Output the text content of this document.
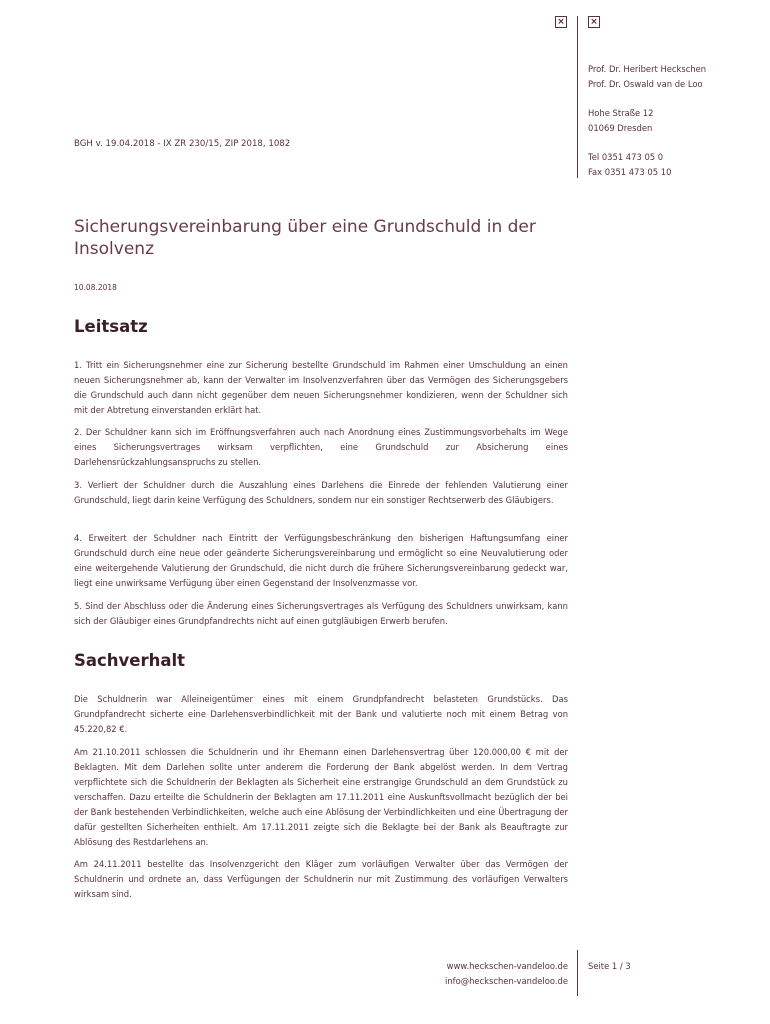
×	×
Prof. Dr. Heribert Heckschen
Prof. Dr. Oswald van de Loo
Hohe Straße 12
01069 Dresden
Tel 0351 473 05 0
Fax 0351 473 05 10
BGH v. 19.04.2018 - IX ZR 230/15, ZIP 2018, 1082
Sicherungsvereinbarung über eine Grundschuld in der Insolvenz
10.08.2018
Leitsatz

1. Tritt ein Sicherungsnehmer eine zur Sicherung bestellte Grundschuld im Rahmen einer Umschuldung an einen neuen Sicherungsnehmer ab, kann der Verwalter im Insolvenzverfahren über das Vermögen des Sicherungsgebers die Grundschuld auch dann nicht gegenüber dem neuen Sicherungsnehmer kondizieren, wenn der Schuldner sich mit der Abtretung einverstanden erklärt hat.

2. Der Schuldner kann sich im Eröffnungsverfahren auch nach Anordnung eines Zustimmungsvorbehalts im Wege eines Sicherungsvertrages wirksam verpflichten, eine Grundschuld zur Absicherung eines Darlehensrückzahlungsanspruchs zu stellen.

3. Verliert der Schuldner durch die Auszahlung eines Darlehens die Einrede der fehlenden Valutierung einer Grundschuld, liegt darin keine Verfügung des Schuldners, sondern nur ein sonstiger Rechtserwerb des Gläubigers.

4. Erweitert der Schuldner nach Eintritt der Verfügungsbeschränkung den bisherigen Haftungsumfang einer Grundschuld durch eine neue oder geänderte Sicherungsvereinbarung und ermöglicht so eine Neuvalutierung oder eine weitergehende Valutierung der Grundschuld, die nicht durch die frühere Sicherungsvereinbarung gedeckt war, liegt eine unwirksame Verfügung über einen Gegenstand der Insolvenzmasse vor.

5. Sind der Abschluss oder die Änderung eines Sicherungsvertrages als Verfügung des Schuldners unwirksam, kann sich der Gläubiger eines Grundpfandrechts nicht auf einen gutgläubigen Erwerb berufen.

Sachverhalt

Die Schuldnerin war Alleineigentümer eines mit einem Grundpfandrecht belasteten Grundstücks. Das Grundpfandrecht sicherte eine Darlehensverbindlichkeit mit der Bank und valutierte noch mit einem Betrag von 45.220,82 €.

Am 21.10.2011 schlossen die Schuldnerin und ihr Ehemann einen Darlehensvertrag über 120.000,00 € mit der Beklagten. Mit dem Darlehen sollte unter anderem die Forderung der Bank abgelöst werden. In dem Vertrag verpflichtete sich die Schuldnerin der Beklagten als Sicherheit eine erstrangige Grundschuld an dem Grundstück zu verschaffen. Dazu erteilte die Schuldnerin der Beklagten am 17.11.2011 eine Auskunftsvollmacht bezüglich der bei der Bank bestehenden Verbindlichkeiten, welche auch eine Ablösung der Verbindlichkeiten und eine Übertragung der dafür gestellten Sicherheiten enthielt. Am 17.11.2011 zeigte sich die Beklagte bei der Bank als Beauftragte zur Ablösung des Restdarlehens an.

Am 24.11.2011 bestellte das Insolvenzgericht den Kläger zum vorläufigen Verwalter über das Vermögen der Schuldnerin und ordnete an, dass Verfügungen der Schuldnerin nur mit Zustimmung des vorläufigen Verwalters wirksam sind.

www.heckschen-vandeloo.de
info@heckschen-vandeloo.de
Seite 1 / 3
